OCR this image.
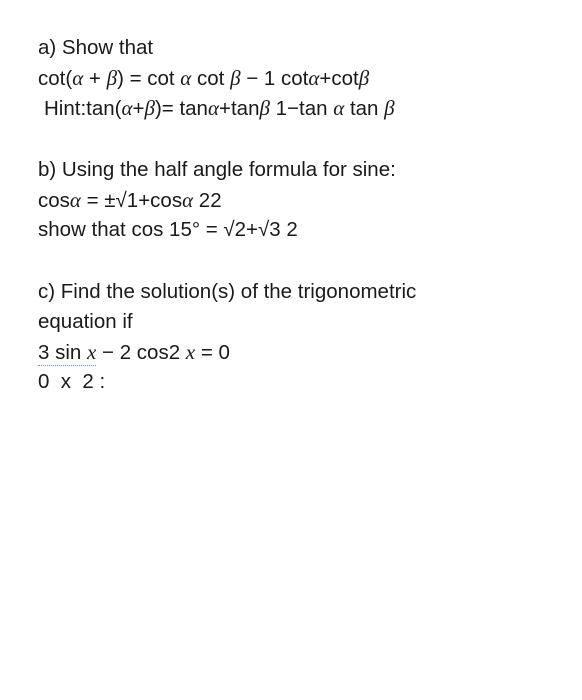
a) Show that
cot(α + β) = cot α cot β − 1 cotα+cotβ
Hint:tan(α+β)= tanα+tanβ 1−tan α tan β
b) Using the half angle formula for sine:
cosα = ±√1+cosα 22
show that cos 15° = √2+√3 2
c) Find the solution(s) of the trigonometric
equation if
3 sin x − 2 cos2 x = 0
0  x  2 :
